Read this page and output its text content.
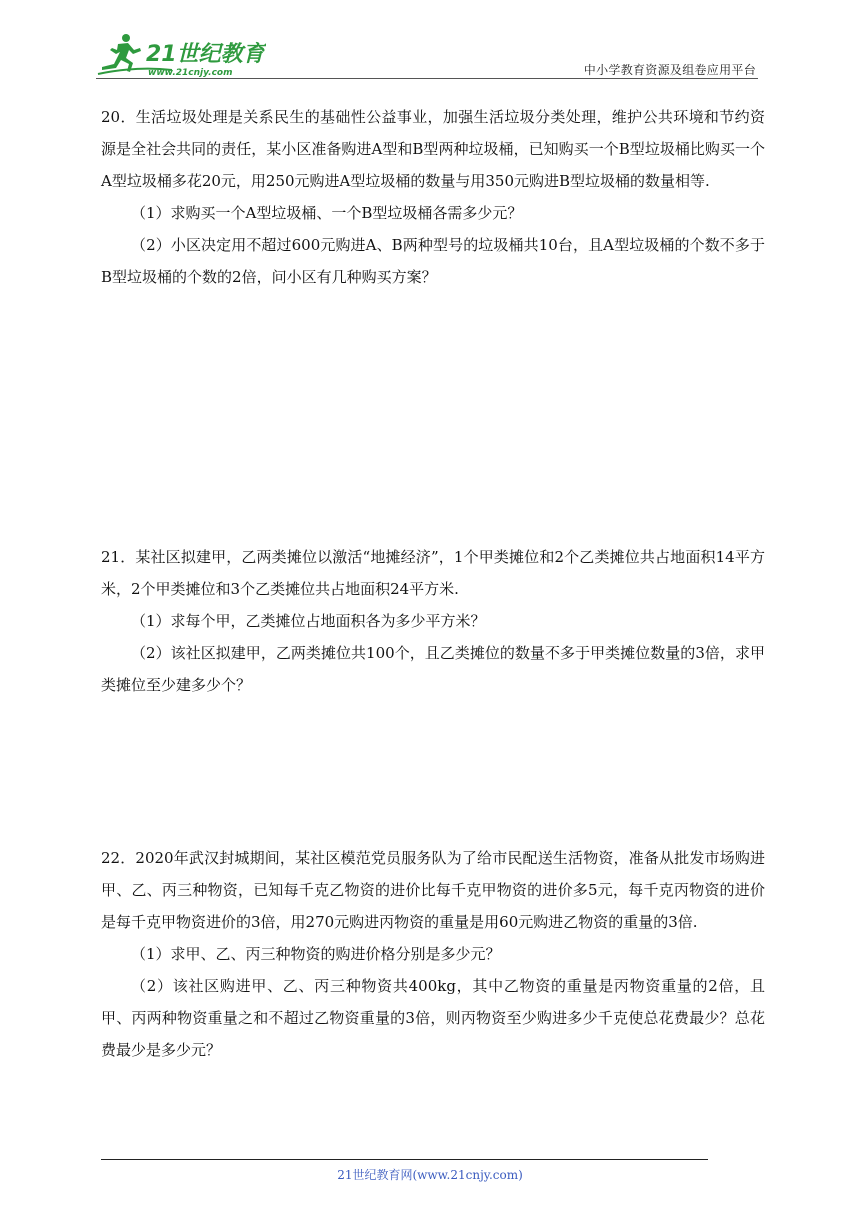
21世纪教育
www.21cnjy.com	中小学教育资源及组卷应用平台

20．生活垃圾处理是关系民生的基础性公益事业，加强生活垃圾分类处理，维护公共环境和节约资源是全社会共同的责任，某小区准备购进A型和B型两种垃圾桶，已知购买一个B型垃圾桶比购买一个A型垃圾桶多花20元，用250元购进A型垃圾桶的数量与用350元购进B型垃圾桶的数量相等.

（1）求购买一个A型垃圾桶、一个B型垃圾桶各需多少元？

（2）小区决定用不超过600元购进A、B两种型号的垃圾桶共10台，且A型垃圾桶的个数不多于B型垃圾桶的个数的2倍，问小区有几种购买方案？

21．某社区拟建甲，乙两类摊位以激活“地摊经济”，1个甲类摊位和2个乙类摊位共占地面积14平方米，2个甲类摊位和3个乙类摊位共占地面积24平方米.

（1）求每个甲，乙类摊位占地面积各为多少平方米？

（2）该社区拟建甲，乙两类摊位共100个，且乙类摊位的数量不多于甲类摊位数量的3倍，求甲类摊位至少建多少个？

22．2020年武汉封城期间，某社区模范党员服务队为了给市民配送生活物资，准备从批发市场购进甲、乙、丙三种物资，已知每千克乙物资的进价比每千克甲物资的进价多5元，每千克丙物资的进价是每千克甲物资进价的3倍，用270元购进丙物资的重量是用60元购进乙物资的重量的3倍.

（1）求甲、乙、丙三种物资的购进价格分别是多少元？

（2）该社区购进甲、乙、丙三种物资共400kg，其中乙物资的重量是丙物资重量的2倍，且甲、丙两种物资重量之和不超过乙物资重量的3倍，则丙物资至少购进多少千克使总花费最少？总花费最少是多少元？

21世纪教育网(www.21cnjy.com)
